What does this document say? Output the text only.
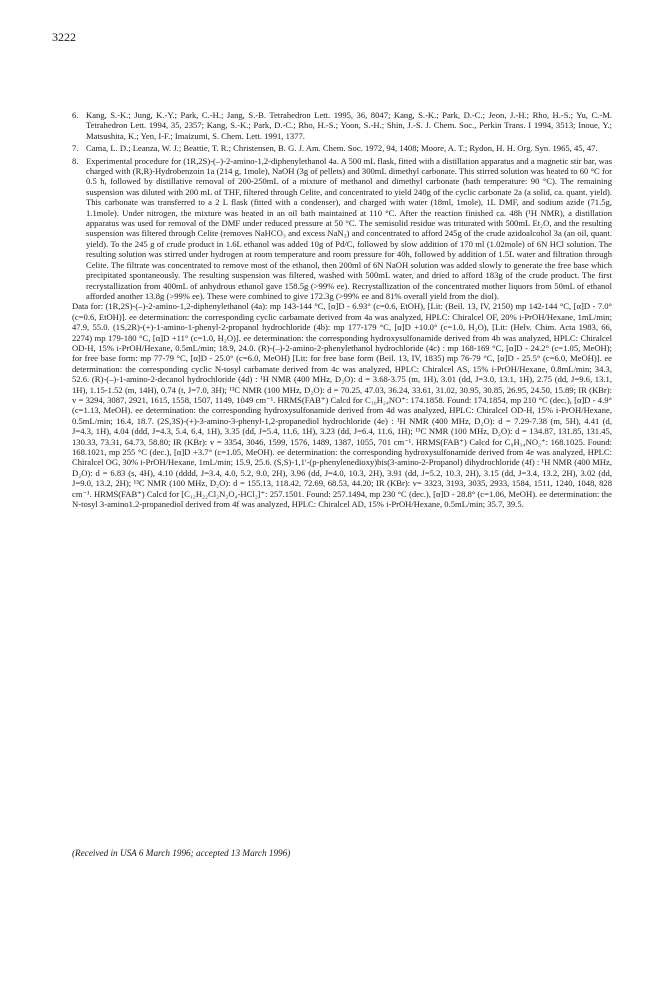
3222
6. Kang, S.-K.; Jung, K.-Y.; Park, C.-H.; Jang, S.-B. Tetrahedron Lett. 1995, 36, 8047; Kang, S.-K.; Park, D.-C.; Jeon, J.-H.; Rho, H.-S.; Yu, C.-M. Tetrahedron Lett. 1994, 35, 2357; Kang, S.-K.; Park, D.-C.; Rho, H.-S.; Yoon, S.-H.; Shin, J.-S. J. Chem. Soc., Perkin Trans. I 1994, 3513; Inoue, Y.; Matsushita, K.; Yen, I-F.; Imaizumi, S. Chem. Lett. 1991, 1377.
7. Cama, L. D.; Leanza, W. J.; Beattie, T. R.; Christensen, B. G. J. Am. Chem. Soc. 1972, 94, 1408; Moore, A. T.; Rydon, H. H. Org. Syn. 1965, 45, 47.
8. Experimental procedure for (1R,2S)-(–)-2-amino-1,2-diphenylethanol 4a. A 500 mL flask, fitted with a distillation apparatus and a magnetic stir bar, was charged with (R,R)-Hydrobenzoin 1a (214 g, 1mole), NaOH (3g of pellets) and 300mL dimethyl carbonate. This stirred solution was heated to 60 °C for 0.5 h, followed by distillative removal of 200-250mL of a mixture of methanol and dimethyl carbonate (bath temperature: 90 °C). The remaining suspension was diluted with 200 mL of THF, filtered through Celite, and concentrated to yield 240g of the cyclic carbonate 2a (a solid, ca. quant. yield). This carbonate was transferred to a 2 L flask (fitted with a condenser), and charged with water (18ml, 1mole), 1L DMF, and sodium azide (71.5g, 1.1mole). Under nitrogen, the mixture was heated in an oil bath maintained at 110 °C. After the reaction finished ca. 48h (¹H NMR), a distillation apparatus was used for removal of the DMF under reduced pressure at 50 °C. The semisolid residue was triturated with 500mL Et₂O, and the resulting suspension was filtered through Celite (removes NaHCO₃ and excess NaN₃) and concentrated to afford 245g of the crude azidoalcohol 3a (an oil, quant. yield). To the 245 g of crude product in 1.6L ethanol was added 10g of Pd/C, followed by slow addition of 170 ml (1.02mole) of 6N HCl solution. The resulting solution was stirred under hydrogen at room temperature and room pressure for 40h, followed by addition of 1.5L water and filtration through Celite. The filtrate was concentrated to remove most of the ethanol, then 200ml of 6N NaOH solution was added slowly to generate the free base which precipitated spontaneously. The resulting suspension was filtered, washed with 500mL water, and dried to afford 183g of the crude product. The first recrystallization from 400mL of anhydrous ethanol gave 158.5g (>99% ee). Recrystallization of the concentrated mother liquors from 50mL of ethanol afforded another 13.8g (>99% ee). These were combined to give 172.3g (>99% ee and 81% overall yield from the diol).
Data for: (1R,2S)-(–)-2-amino-1,2-diphenylethanol (4a): mp 143-144 °C, [α]D - 6.93° (c=0.6, EtOH), [Lit: (Beil. 13, IV, 2150) mp 142-144 °C, [α]D - 7.0° (c=0.6, EtOH)]. ee determination: the corresponding cyclic carbamate derived from 4a was analyzed, HPLC: Chiralcel OF, 20% i-PrOH/Hexane, 1mL/min; 47.9, 55.0. (1S,2R)-(+)-1-amino-1-phenyl-2-propanol hydrochloride (4b): mp 177-179 °C, [α]D +10.0° (c=1.0, H₂O), [Lit: (Helv. Chim. Acta 1983, 66, 2274) mp 179-180 °C, [α]D +11° (c=1.0, H₂O)]. ee determination: the corresponding hydroxysulfonamide derived from 4b was analyzed, HPLC: Chiralcel OD-H, 15% i-PrOH/Hexane, 0.5mL/min; 18.9, 24.0. (R)-(–)-2-amino-2-phenylethanol hydrochloride (4c) : mp 168-169 °C, [α]D - 24.2° (c=1.05, MeOH); for free base form: mp 77-79 °C, [α]D - 25.0° (c=6.0, MeOH) [Lit: for free base form (Beil. 13, IV, 1835) mp 76-79 °C, [α]D - 25.5° (c=6.0, MeOH)]. ee determination: the corresponding cyclic N-tosyl carbamate derived from 4c was analyzed, HPLC: Chiralcel AS, 15% i-PrOH/Hexane, 0.8mL/min; 34.3, 52.6. (R)-(–)-1-amino-2-decanol hydrochloride (4d) : ¹H NMR (400 MHz, D₂O): d = 3.68-3.75 (m, 1H), 3.01 (dd, J=3.0, 13.1, 1H), 2.75 (dd, J=9.6, 13.1, 1H), 1.15-1.52 (m, 14H), 0.74 (t, J=7.0, 3H); ¹³C NMR (100 MHz, D₂O): d = 70.25, 47.03, 36.24, 33.61, 31.02, 30.95, 30.85, 26.95, 24.50, 15.89; IR (KBr): v = 3294, 3087, 2921, 1615, 1558, 1507, 1149, 1049 cm⁻¹. HRMS(FAB⁺) Calcd for C₁₀H₂₄NO⁺: 174.1858. Found: 174.1854, mp 210 °C (dec.), [α]D - 4.9° (c=1.13, MeOH). ee determination: the corresponding hydroxysulfonamide derived from 4d was analyzed, HPLC: Chiralcel OD-H, 15% i-PrOH/Hexane, 0.5mL/min; 16.4, 18.7. (2S,3S)-(+)-3-amino-3-phenyl-1,2-propanediol hydrochloride (4e) : ¹H NMR (400 MHz, D₂O): d = 7.29-7.38 (m, 5H), 4.41 (d, J=4.3, 1H), 4.04 (ddd, J=4.3, 5.4, 6.4, 1H), 3.35 (dd, J=5.4, 11.6, 1H), 3.23 (dd, J=6.4, 11.6, 1H); ¹³C NMR (100 MHz, D₂O): d = 134.87, 131.85, 131.45, 130.33, 73.31, 64.73, 58.80; IR (KBr): v = 3354, 3046, 1599, 1576, 1489, 1387, 1055, 701 cm⁻¹. HRMS(FAB⁺) Calcd for C₉H₁₄NO₂⁺: 168.1025. Found: 168.1021, mp 255 °C (dec.), [α]D +3.7° (c=1.05, MeOH). ee determination: the corresponding hydroxysulfonamide derived from 4e was analyzed, HPLC: Chiralcel OG, 30% i-PrOH/Hexane, 1mL/min; 15.9, 25.6. (S,S)-1,1'-(p-phenylenedioxy)bis(3-amino-2-Propanol) dihydrochloride (4f) : ¹H NMR (400 MHz, D₂O): d = 6.83 (s, 4H), 4.10 (dddd, J=3.4, 4.0, 5.2, 9.0, 2H), 3.96 (dd, J=4.0, 10.3, 2H), 3.91 (dd, J=5.2, 10.3, 2H), 3.15 (dd, J=3.4, 13.2, 2H), 3.02 (dd, J=9.0, 13.2, 2H); ¹³C NMR (100 MHz, D₂O): d = 155.13, 118.42, 72.69, 68.53, 44.20; IR (KBr): v= 3323, 3193, 3035, 2933, 1584, 1511, 1240, 1048, 828 cm⁻¹. HRMS(FAB⁺) Calcd for [C₁₂H₂₂Cl₂N₂O₄-HCl₂]⁺: 257.1501. Found: 257.1494, mp 230 °C (dec.), [α]D - 28.8° (c=1.06, MeOH). ee determination: the N-tosyl 3-amino1.2-propanediol derived from 4f was analyzed, HPLC: Chiralcel AD, 15% i-PrOH/Hexane, 0.5mL/min; 35.7, 39.5.
(Received in USA 6 March 1996; accepted 13 March 1996)
